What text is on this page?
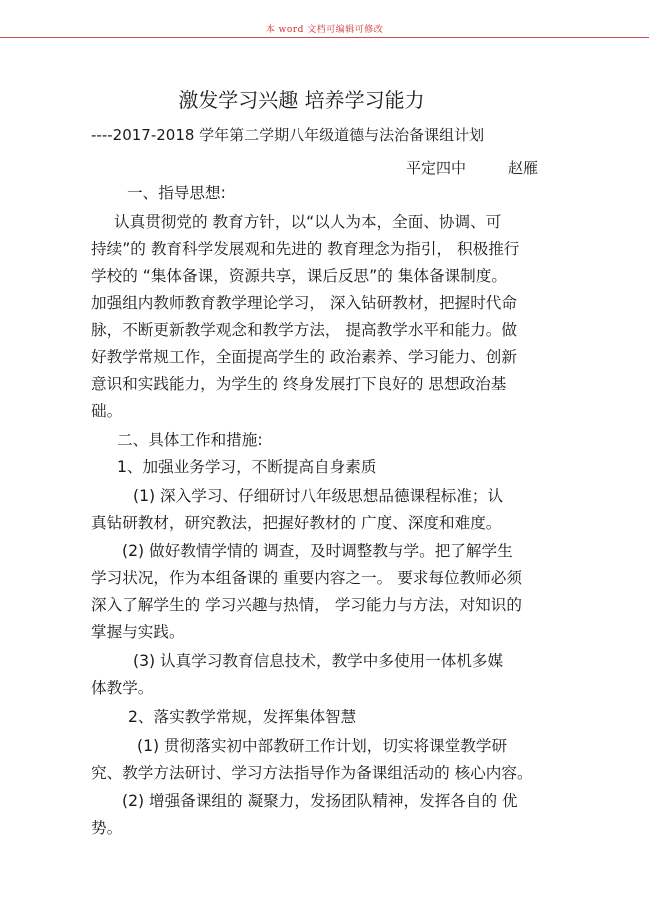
本 word 文档可编辑可修改
激发学习兴趣 培养学习能力
----2017-2018 学年第二学期八年级道德与法治备课组计划
平定四中	赵雁
一、指导思想:
认真贯彻党的 教育方针，以“以人为本，全面、协调、可
持续”的 教育科学发展观和先进的 教育理念为指引， 积极推行
学校的 “集体备课，资源共享，课后反思”的 集体备课制度。
加强组内教师教育教学理论学习， 深入钻研教材，把握时代命
脉，不断更新教学观念和教学方法， 提高教学水平和能力。做
好教学常规工作，全面提高学生的 政治素养、学习能力、创新
意识和实践能力，为学生的 终身发展打下良好的 思想政治基
础。
二、具体工作和措施:
1、加强业务学习，不断提高自身素质
(1) 深入学习、仔细研讨八年级思想品德课程标准；认
真钻研教材，研究教法，把握好教材的 广度、深度和难度。
(2) 做好教情学情的 调查，及时调整教与学。把了解学生
学习状况，作为本组备课的 重要内容之一。 要求每位教师必须
深入了解学生的 学习兴趣与热情， 学习能力与方法，对知识的
掌握与实践。
(3) 认真学习教育信息技术，教学中多使用一体机多媒
体教学。
2、落实教学常规，发挥集体智慧
(1) 贯彻落实初中部教研工作计划，切实将课堂教学研
究、教学方法研讨、学习方法指导作为备课组活动的 核心内容。
(2) 增强备课组的 凝聚力，发扬团队精神，发挥各自的 优
势。
